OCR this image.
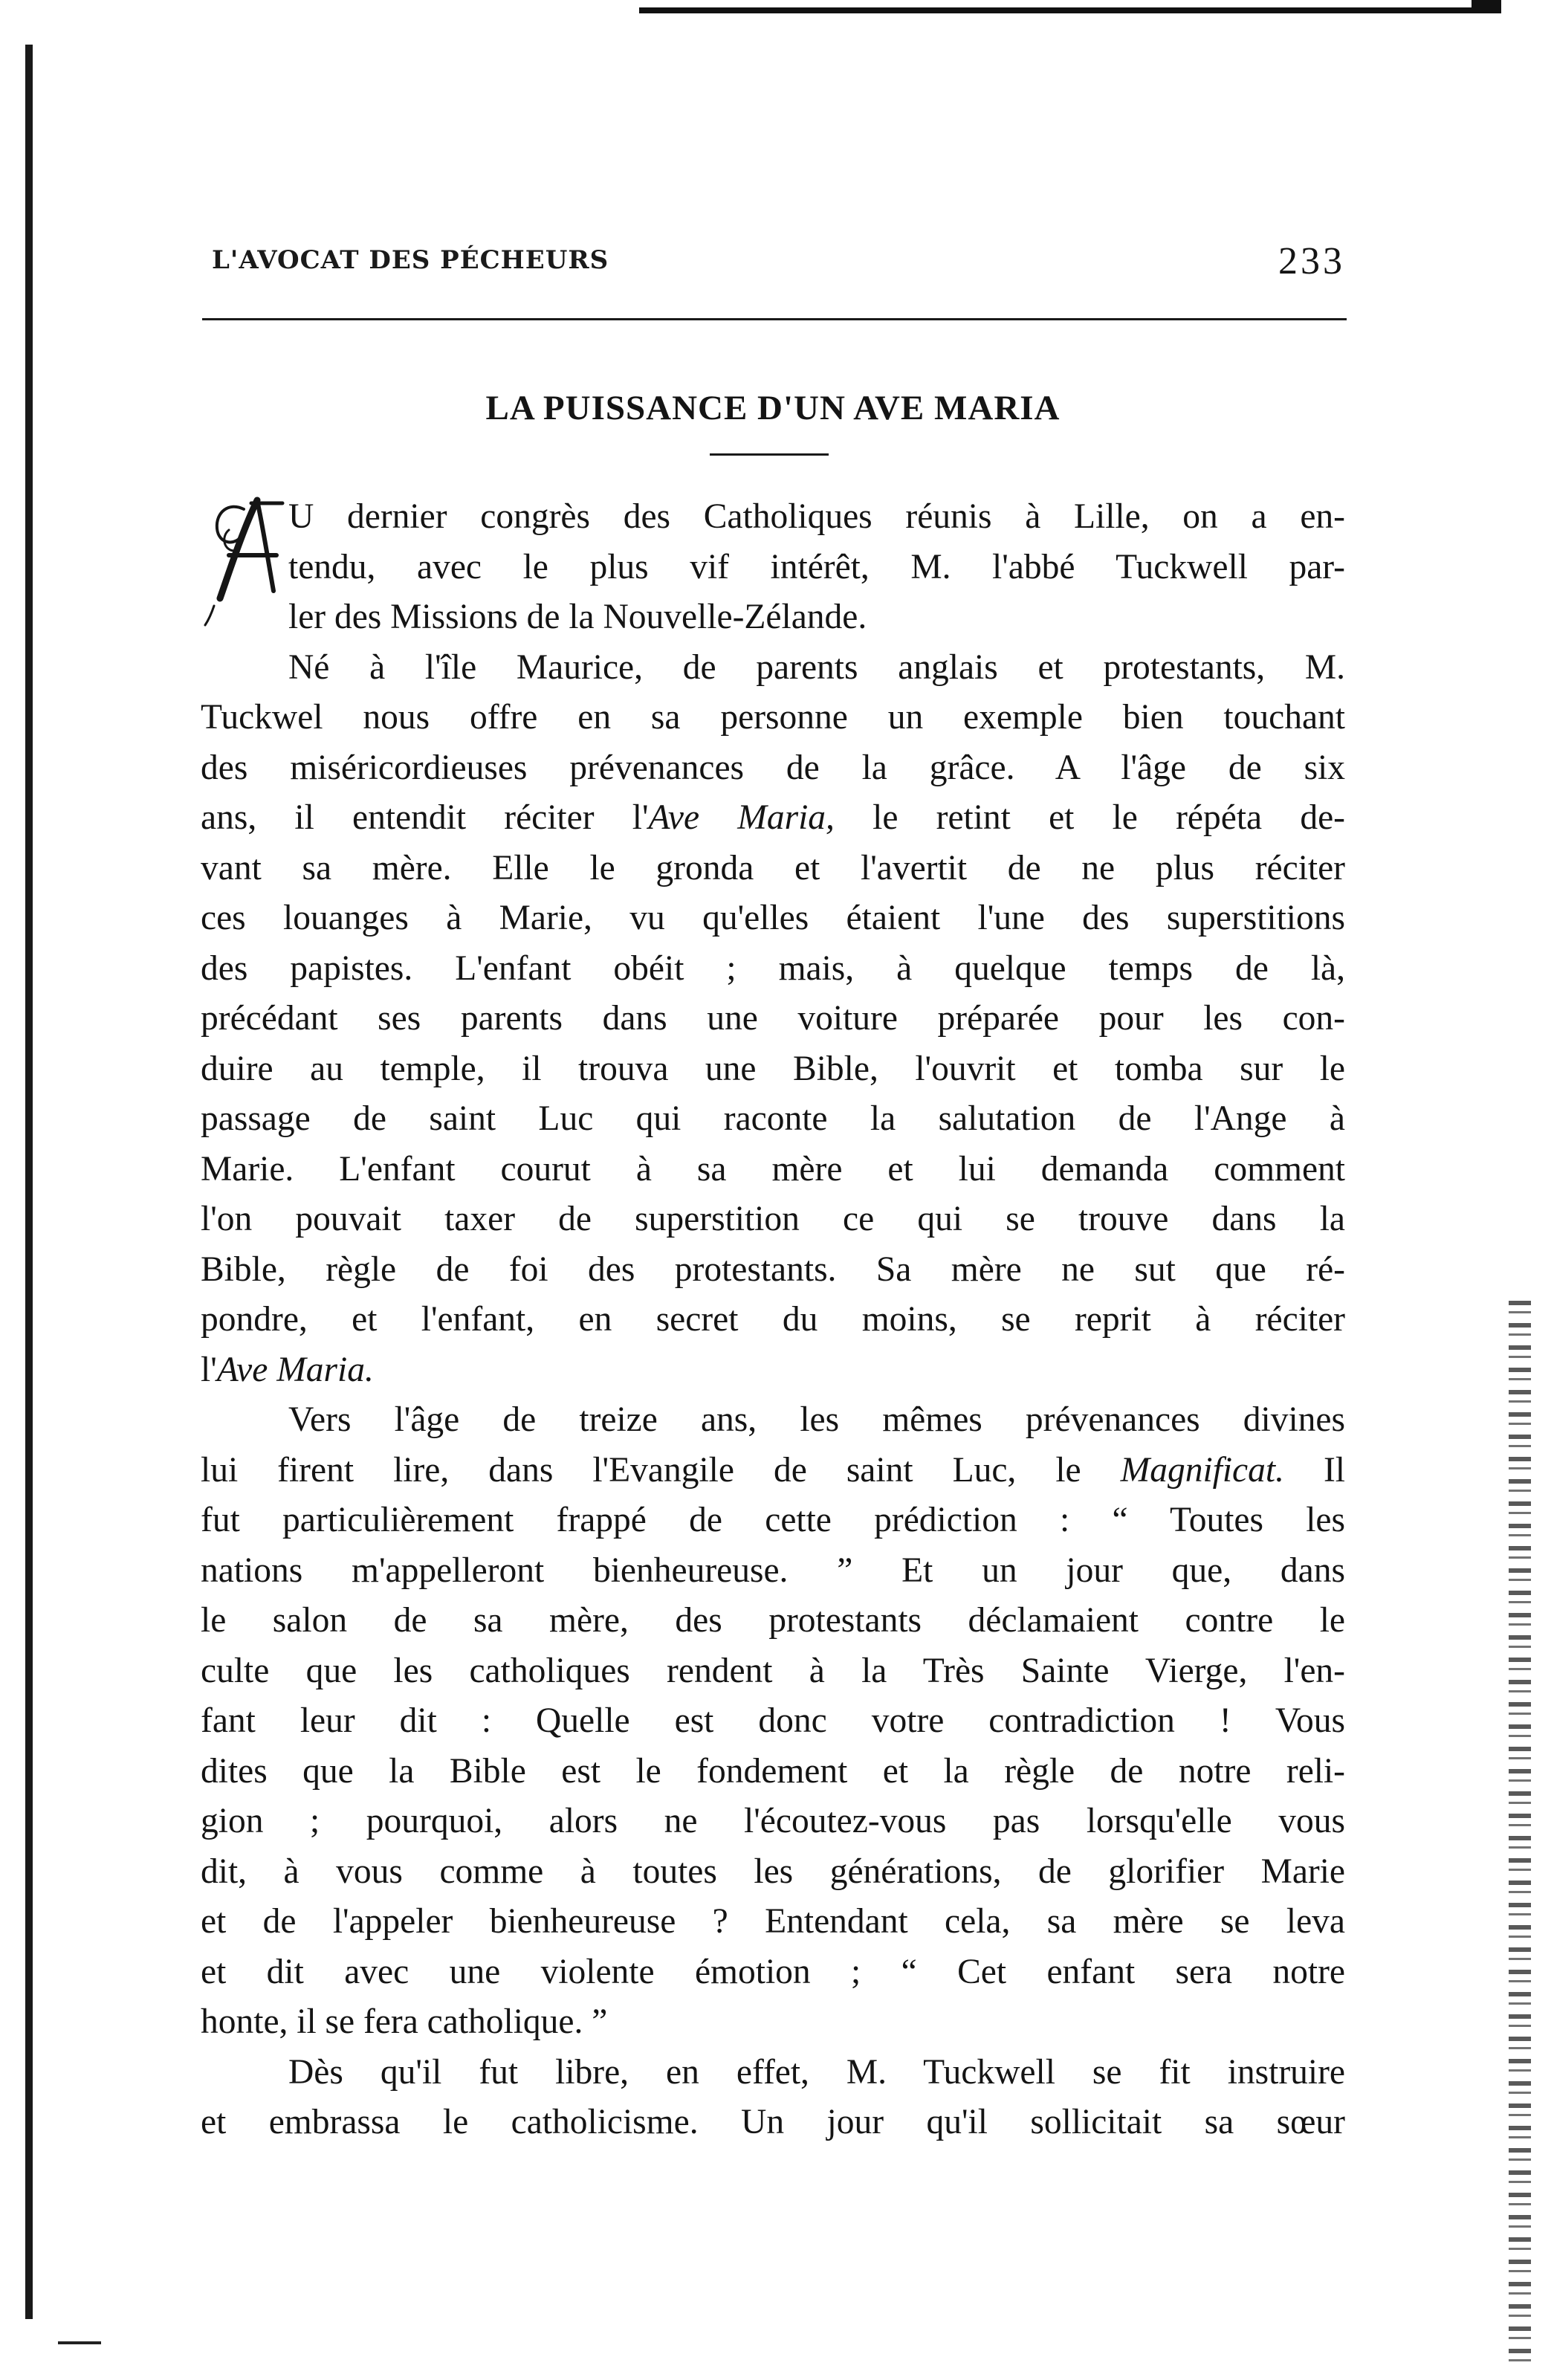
L'AVOCAT DES PÉCHEURS	233
LA PUISSANCE D'UN AVE MARIA

U dernier congrès des Catholiques réunis à Lille, on a en-
tendu, avec le plus vif intérêt, M. l'abbé Tuckwell par-
ler des Missions de la Nouvelle-Zélande.

Né à l'île Maurice, de parents anglais et protestants, M.
Tuckwel nous offre en sa personne un exemple bien touchant
des miséricordieuses prévenances de la grâce. A l'âge de six
ans, il entendit réciter l'Ave Maria, le retint et le répéta de-
vant sa mère. Elle le gronda et l'avertit de ne plus réciter
ces louanges à Marie, vu qu'elles étaient l'une des superstitions
des papistes. L'enfant obéit ; mais, à quelque temps de là,
précédant ses parents dans une voiture préparée pour les con-
duire au temple, il trouva une Bible, l'ouvrit et tomba sur le
passage de saint Luc qui raconte la salutation de l'Ange à
Marie. L'enfant courut à sa mère et lui demanda comment
l'on pouvait taxer de superstition ce qui se trouve dans la
Bible, règle de foi des protestants. Sa mère ne sut que ré-
pondre, et l'enfant, en secret du moins, se reprit à réciter
l'Ave Maria.

Vers l'âge de treize ans, les mêmes prévenances divines
lui firent lire, dans l'Evangile de saint Luc, le Magnificat. Il
fut particulièrement frappé de cette prédiction : “ Toutes les
nations m'appelleront bienheureuse. ” Et un jour que, dans
le salon de sa mère, des protestants déclamaient contre le
culte que les catholiques rendent à la Très Sainte Vierge, l'en-
fant leur dit : Quelle est donc votre contradiction ! Vous
dites que la Bible est le fondement et la règle de notre reli-
gion ; pourquoi, alors ne l'écoutez-vous pas lorsqu'elle vous
dit, à vous comme à toutes les générations, de glorifier Marie
et de l'appeler bienheureuse ? Entendant cela, sa mère se leva
et dit avec une violente émotion ; “ Cet enfant sera notre
honte, il se fera catholique. ”

Dès qu'il fut libre, en effet, M. Tuckwell se fit instruire
et embrassa le catholicisme. Un jour qu'il sollicitait sa sœur
